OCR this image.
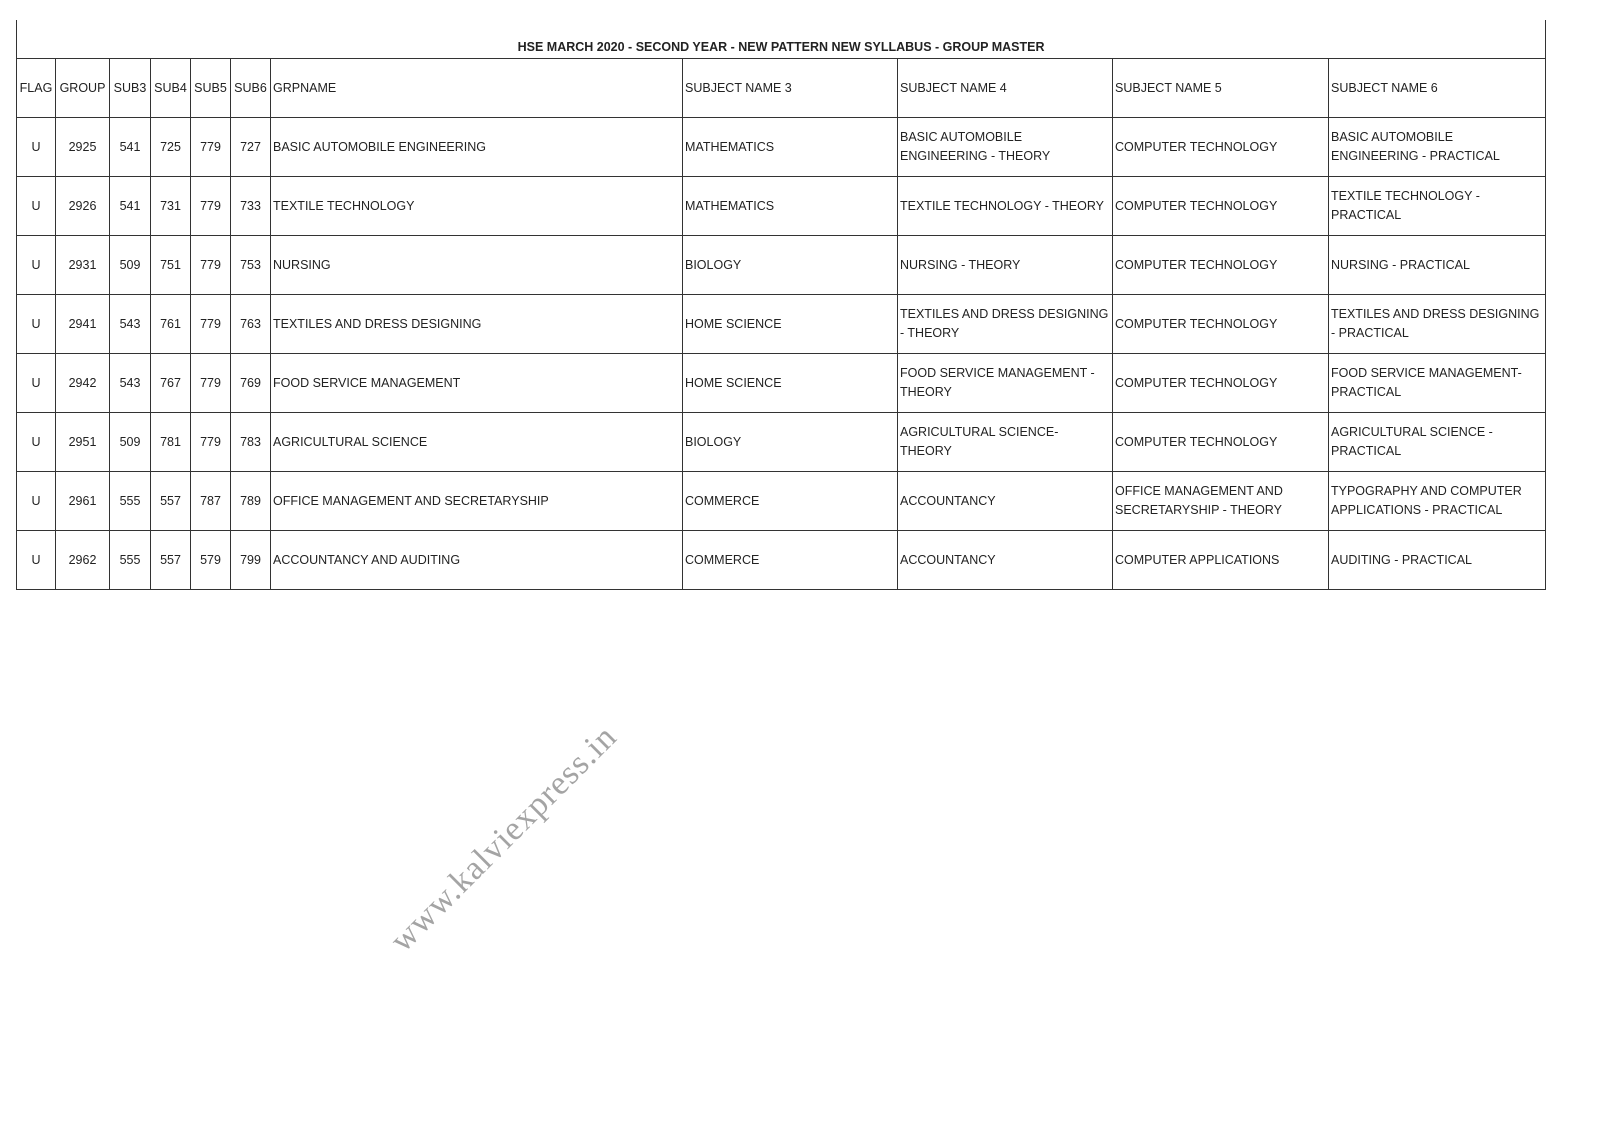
HSE MARCH 2020 - SECOND YEAR - NEW PATTERN NEW SYLLABUS - GROUP MASTER										
FLAG	GROUP	SUB3	SUB4	SUB5	SUB6	GRPNAME	SUBJECT NAME 3	SUBJECT NAME 4	SUBJECT NAME 5	SUBJECT NAME 6
U	2925	541	725	779	727	BASIC AUTOMOBILE ENGINEERING	MATHEMATICS	BASIC AUTOMOBILE ENGINEERING - THEORY	COMPUTER TECHNOLOGY	BASIC AUTOMOBILE ENGINEERING - PRACTICAL
U	2926	541	731	779	733	TEXTILE TECHNOLOGY	MATHEMATICS	TEXTILE TECHNOLOGY - THEORY	COMPUTER TECHNOLOGY	TEXTILE TECHNOLOGY - PRACTICAL
U	2931	509	751	779	753	NURSING	BIOLOGY	NURSING - THEORY	COMPUTER TECHNOLOGY	NURSING - PRACTICAL
U	2941	543	761	779	763	TEXTILES AND DRESS DESIGNING	HOME SCIENCE	TEXTILES AND DRESS DESIGNING - THEORY	COMPUTER TECHNOLOGY	TEXTILES AND DRESS DESIGNING - PRACTICAL
U	2942	543	767	779	769	FOOD SERVICE MANAGEMENT	HOME SCIENCE	FOOD SERVICE MANAGEMENT - THEORY	COMPUTER TECHNOLOGY	FOOD SERVICE MANAGEMENT- PRACTICAL
U	2951	509	781	779	783	AGRICULTURAL SCIENCE	BIOLOGY	AGRICULTURAL SCIENCE- THEORY	COMPUTER TECHNOLOGY	AGRICULTURAL SCIENCE - PRACTICAL
U	2961	555	557	787	789	OFFICE MANAGEMENT AND SECRETARYSHIP	COMMERCE	ACCOUNTANCY	OFFICE MANAGEMENT AND SECRETARYSHIP - THEORY	TYPOGRAPHY AND COMPUTER APPLICATIONS - PRACTICAL
U	2962	555	557	579	799	ACCOUNTANCY AND AUDITING	COMMERCE	ACCOUNTANCY	COMPUTER APPLICATIONS	AUDITING - PRACTICAL
www.kalviexpress.in
